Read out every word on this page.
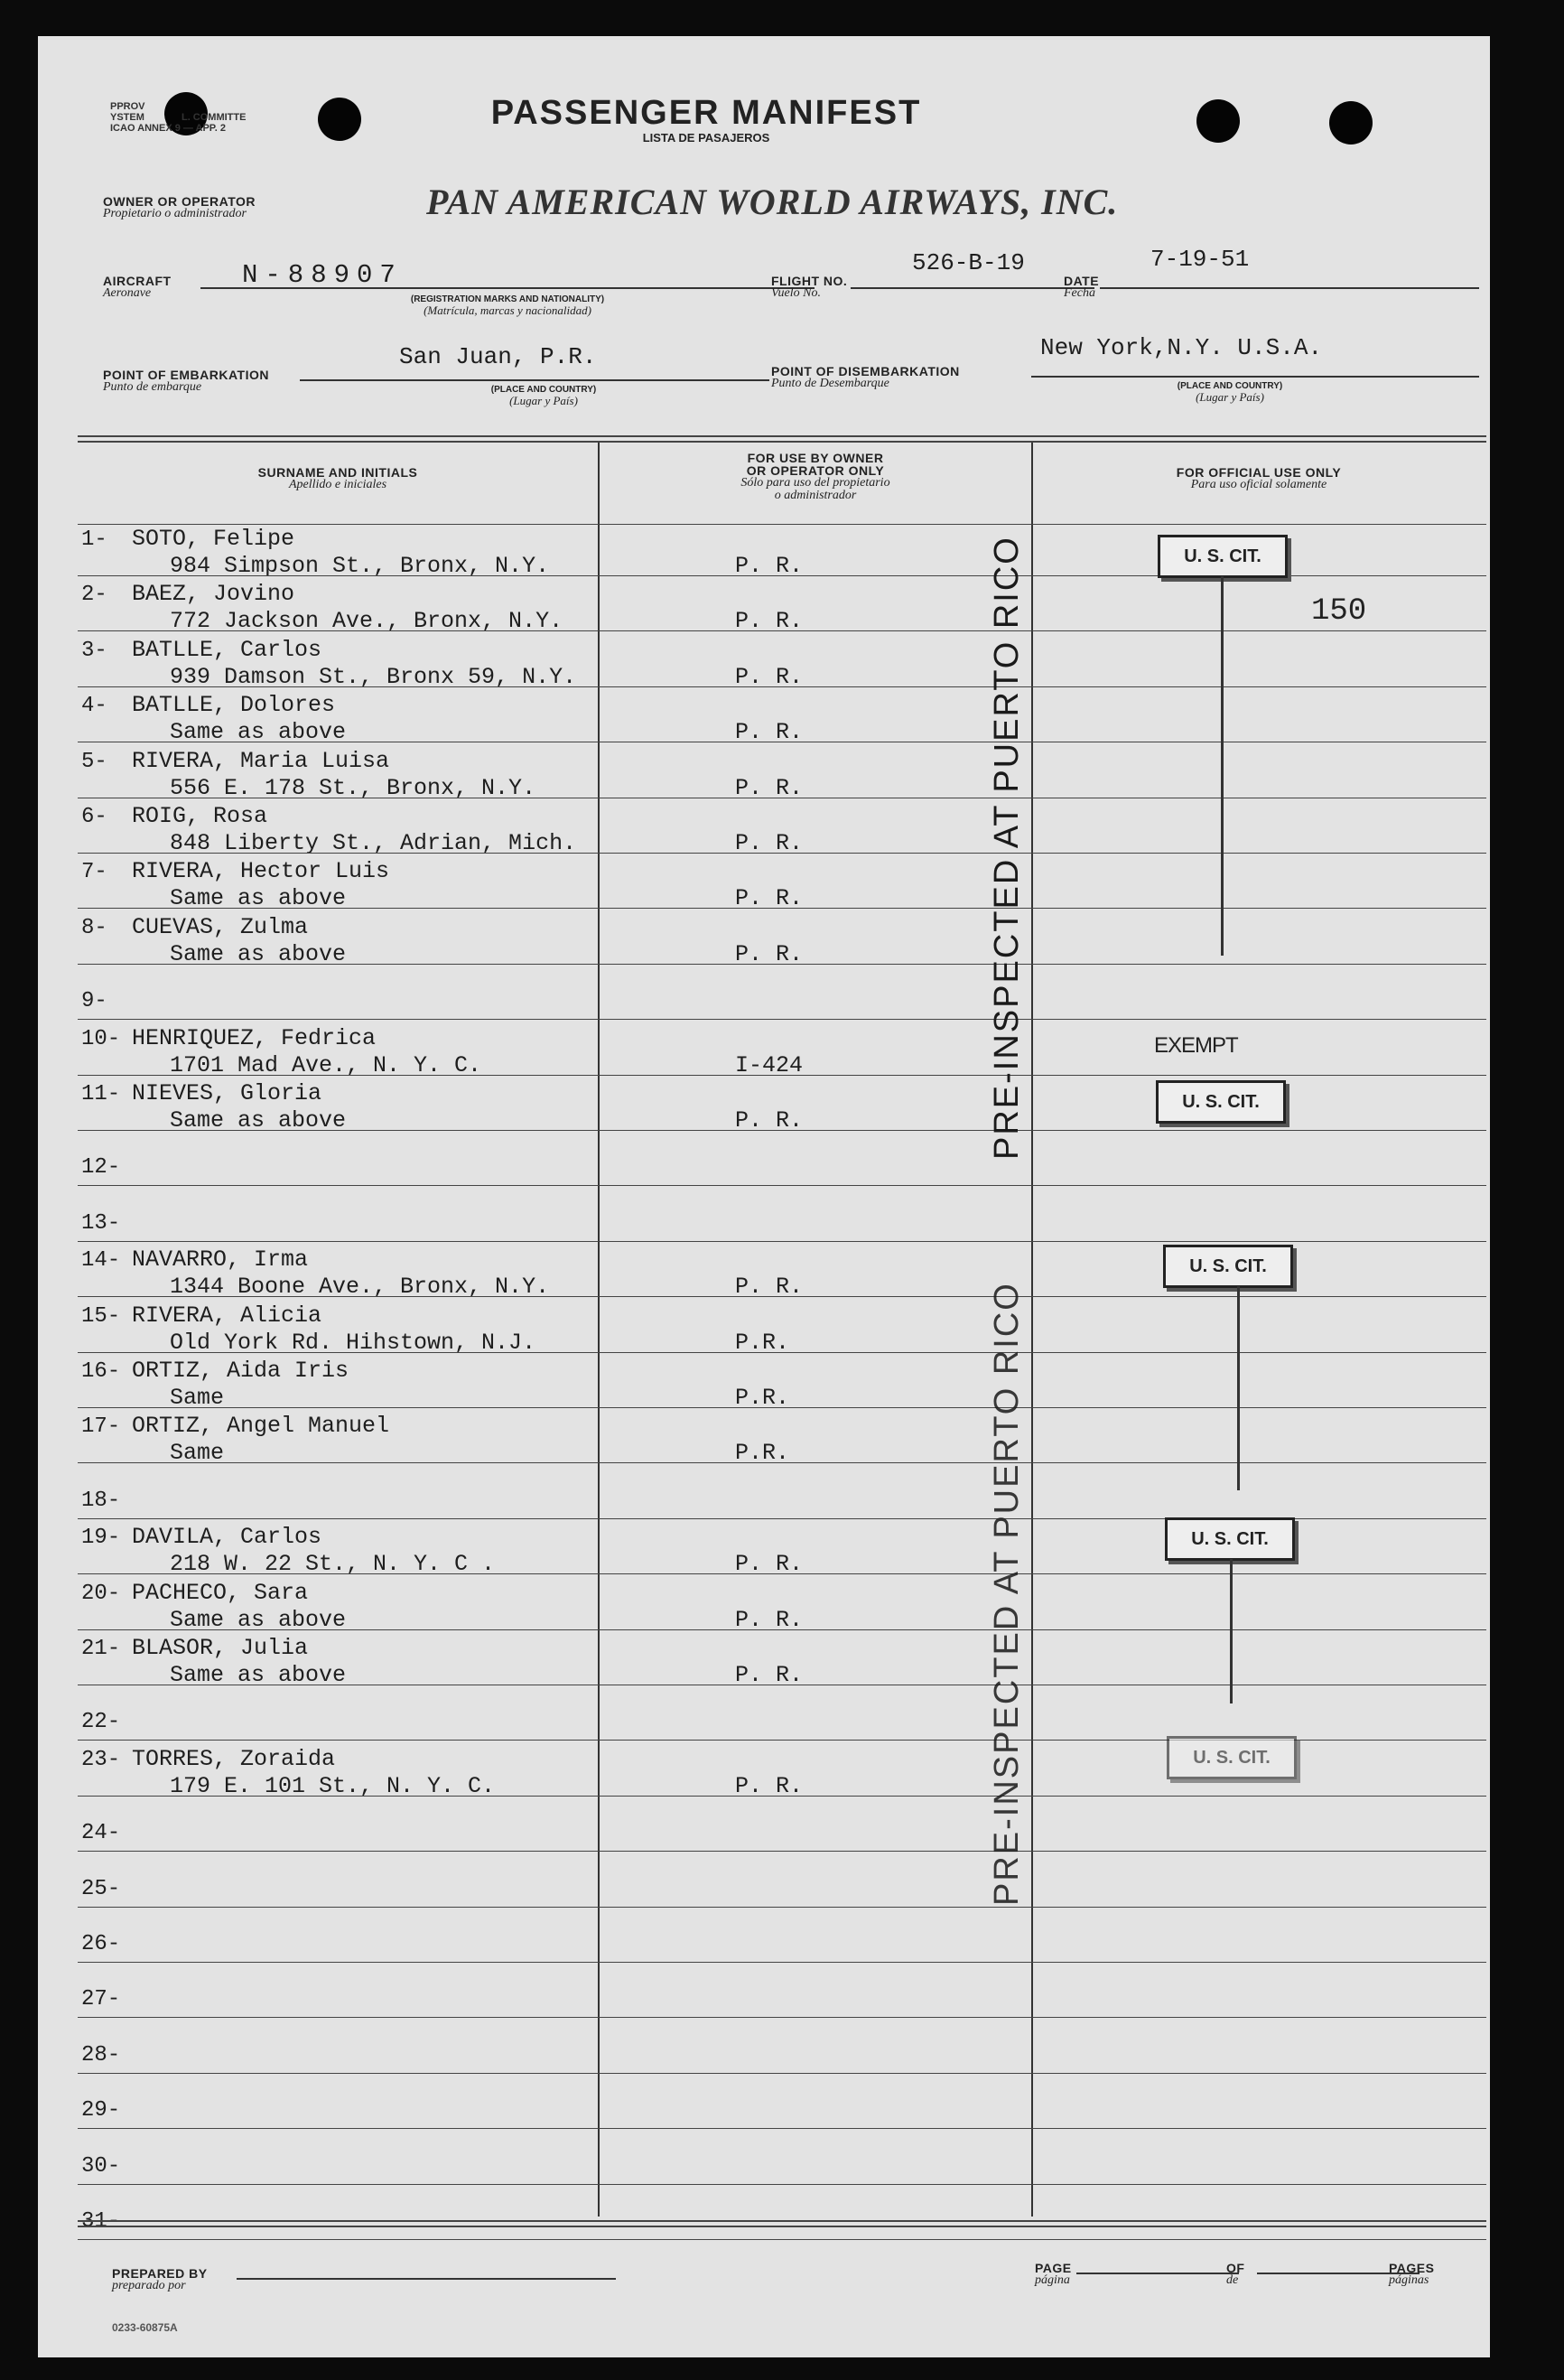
PPROV
YSTEM	L. COMMITTE
ICAO ANNEX 9 — APP. 2	PASSENGER MANIFEST
LISTA DE PASAJEROS
OWNER OR OPERATOR
Propietario o administrador	PAN AMERICAN WORLD AIRWAYS, INC.
AIRCRAFT
Aeronave
N-88907
(REGISTRATION MARKS AND NATIONALITY)
(Matrícula, marcas y nacionalidad)
526-B-19
FLIGHT NO.
Vuelo No.
7-19-51
DATE
Fecha
San Juan, P.R.
POINT OF EMBARKATION
Punto de embarque	(PLACE AND COUNTRY)
(Lugar y País)
New York,N.Y. U.S.A.
POINT OF DISEMBARKATION
Punto de Desembarque	(PLACE AND COUNTRY)
(Lugar y País)
SURNAME AND INITIALS
Apellido e iniciales
FOR USE BY OWNER
OR OPERATOR ONLY
Sólo para uso del propietario
o administrador
FOR OFFICIAL USE ONLY
Para uso oficial solamente
1-	SOTO, Felipe
984 Simpson St., Bronx, N.Y.	P. R.
2-	BAEZ, Jovino
772 Jackson Ave., Bronx, N.Y.	P. R.
3-	BATLLE, Carlos
939 Damson St., Bronx 59, N.Y.	P. R.
4-	BATLLE, Dolores
Same as above	P. R.
5-	RIVERA, Maria Luisa
556 E. 178 St., Bronx, N.Y.	P. R.
6-	ROIG, Rosa
848 Liberty St., Adrian, Mich.	P. R.
7-	RIVERA, Hector Luis
Same as above	P. R.
8-	CUEVAS, Zulma
Same as above	P. R.
9-
10- HENRIQUEZ, Fedrica
1701 Mad Ave., N. Y. C.	I-424
11- NIEVES, Gloria
Same as above	P. R.
12-
13-
14- NAVARRO, Irma
1344 Boone Ave., Bronx, N.Y.	P. R.
15- RIVERA, Alicia
Old York Rd. Hihstown, N.J.	P.R.
16- ORTIZ, Aida Iris
Same	P.R.
17- ORTIZ, Angel Manuel
Same	P.R.
18-
19- DAVILA, Carlos
218 W. 22 St., N. Y. C .	P. R.
20- PACHECO, Sara
Same as above	P. R.
21- BLASOR, Julia
Same as above	P. R.
22-
23- TORRES, Zoraida
179 E. 101 St., N. Y. C.	P. R.
24-
25-
26-
27-
28-
29-
30-
31-
U. S. CIT.
150
EXEMPT
U. S. CIT.
U. S. CIT.
U. S. CIT.
U. S. CIT.
PRE-INSPECTED AT PUERTO RICO
PRE-INSPECTED AT PUERTO RICO
PREPARED BY
preparado por
PAGE
página
OF
de
PAGES
páginas
0233-60875A
